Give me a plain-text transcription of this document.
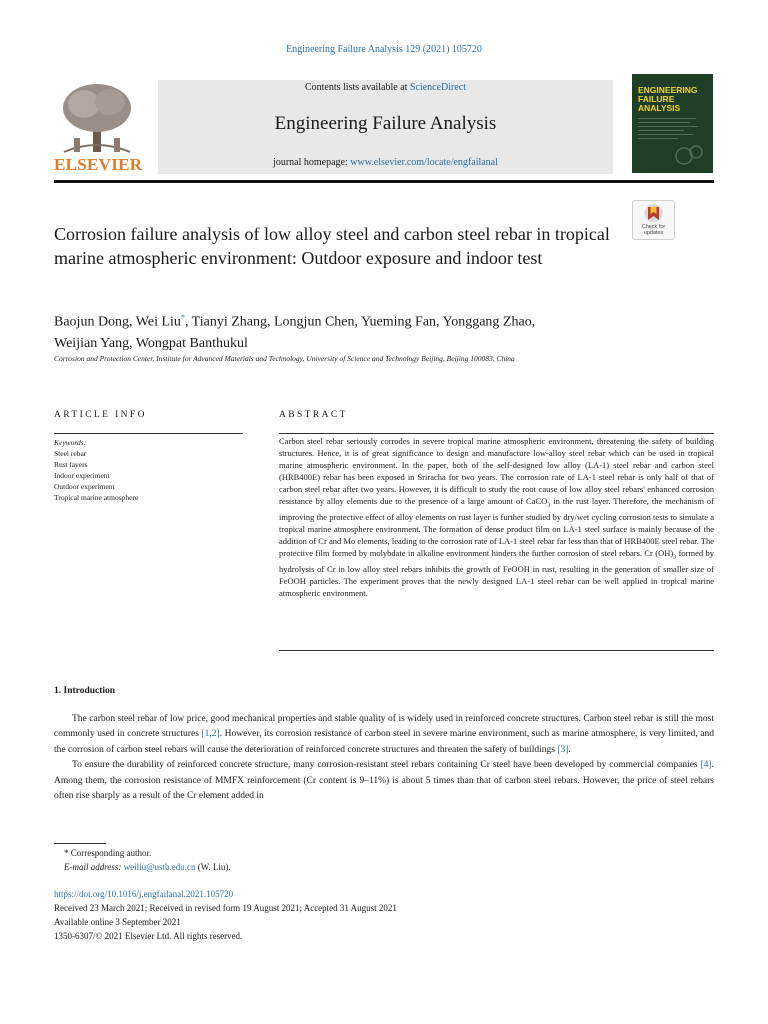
Engineering Failure Analysis 129 (2021) 105720
ELSEVIER
Contents lists available at ScienceDirect
Engineering Failure Analysis
journal homepage: www.elsevier.com/locate/engfailanal
ENGINEERING FAILURE ANALYSIS
Check for updates
Corrosion failure analysis of low alloy steel and carbon steel rebar in tropical marine atmospheric environment: Outdoor exposure and indoor test
Baojun Dong, Wei Liu*, Tianyi Zhang, Longjun Chen, Yueming Fan, Yonggang Zhao,
Weijian Yang, Wongpat Banthukul
Corrosion and Protection Center, Institute for Advanced Materials and Technology, University of Science and Technology Beijing, Beijing 100083, China
ARTICLE INFO	ABSTRACT
Keywords:
Steel rebar
Rust layers
Indoor experiment
Outdoor experiment
Tropical marine atmosphere
Carbon steel rebar seriously corrodes in severe tropical marine atmospheric environment, threatening the safety of building structures. Hence, it is of great significance to design and manufacture low-alloy steel rebar which can be used in tropical marine atmospheric environment. In the paper, both of the self-designed low alloy (LA-1) steel rebar and carbon steel (HRB400E) rebar has been exposed in Sriracha for two years. The corrosion rate of LA-1 steel rebar is only half of that of carbon steel rebar after two years. However, it is difficult to study the root cause of low alloy steel rebars' enhanced corrosion resistance by alloy elements due to the presence of a large amount of CaCO$_3$ in the rust layer. Therefore, the mechanism of improving the protective effect of alloy elements on rust layer is further studied by dry/wet cycling corrosion tests to simulate a tropical marine atmosphere environment. The formation of dense product film on LA-1 steel surface is mainly because of the addition of Cr and Mo elements, leading to the corrosion rate of LA-1 steel rebar far less than that of HRB400E steel rebar. The protective film formed by molybdate in alkaline environment hinders the further corrosion of steel rebars. Cr $(OH)_3$ formed by hydrolysis of Cr in low alloy steel rebars inhibits the growth of FeOOH in rust, resulting in the generation of smaller size of FeOOH particles. The experiment proves that the newly designed LA-1 steel rebar can be well applied in tropical marine atmospheric environment.
1. Introduction

The carbon steel rebar of low price, good mechanical properties and stable quality of is widely used in reinforced concrete structures. Carbon steel rebar is still the most commonly used in concrete structures [1,2]. However, its corrosion resistance of carbon steel in severe marine environment, such as marine atmosphere, is very limited, and the corrosion of carbon steel rebars will cause the deterioration of reinforced concrete structures and threaten the safety of buildings [3].

To ensure the durability of reinforced concrete structure, many corrosion-resistant steel rebars containing Cr steel have been developed by commercial companies [4]. Among them, the corrosion resistance of MMFX reinforcement (Cr content is 9–11%) is about 5 times than that of carbon steel rebars. However, the price of steel rebars often rise sharply as a result of the Cr element added in

* Corresponding author.
E-mail address: weiliu@ustb.edu.cn (W. Liu).
https://doi.org/10.1016/j.engfailanal.2021.105720
Received 23 March 2021; Received in revised form 19 August 2021; Accepted 31 August 2021
Available online 3 September 2021
1350-6307/© 2021 Elsevier Ltd. All rights reserved.
